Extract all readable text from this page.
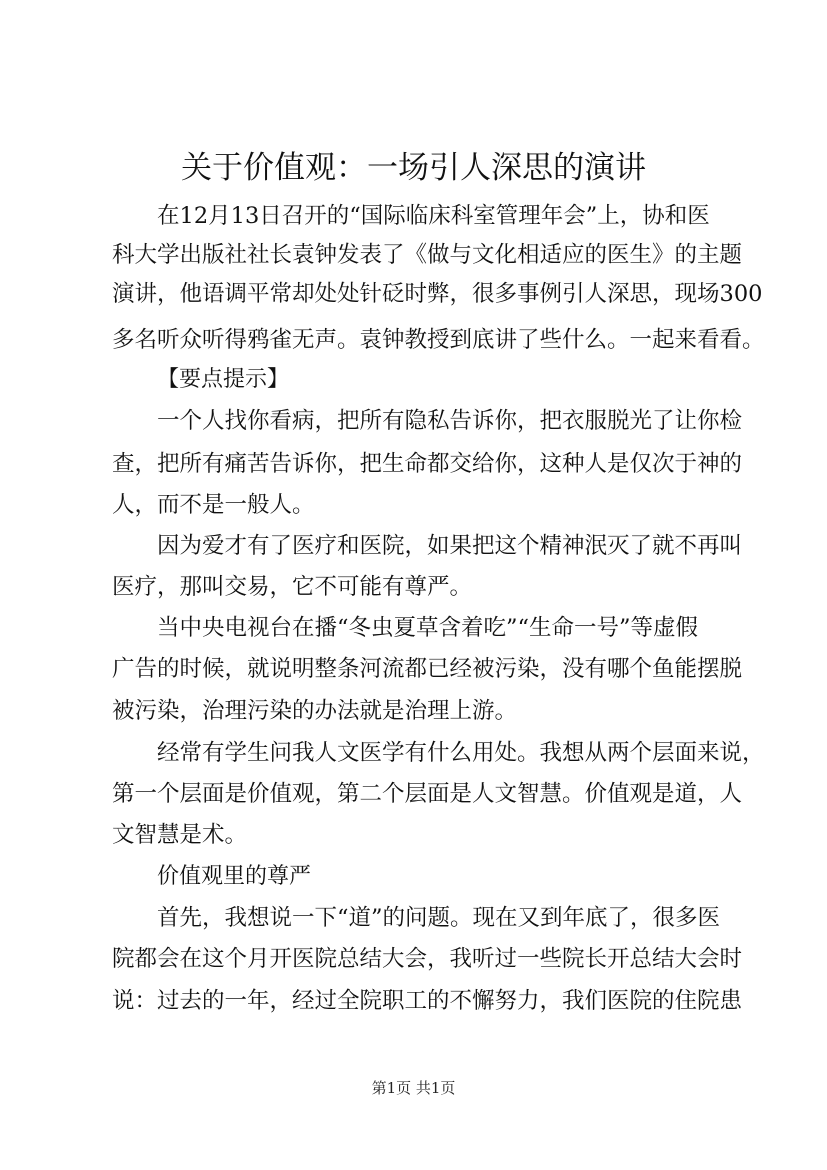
关于价值观：一场引人深思的演讲

在12月13日召开的“国际临床科室管理年会”上，协和医

科大学出版社社长袁钟发表了《做与文化相适应的医生》的主题

演讲，他语调平常却处处针砭时弊，很多事例引人深思，现场300

多名听众听得鸦雀无声。袁钟教授到底讲了些什么。一起来看看。

【要点提示】

一个人找你看病，把所有隐私告诉你，把衣服脱光了让你检

查，把所有痛苦告诉你，把生命都交给你，这种人是仅次于神的

人，而不是一般人。

因为爱才有了医疗和医院，如果把这个精神泯灭了就不再叫

医疗，那叫交易，它不可能有尊严。

当中央电视台在播“冬虫夏草含着吃”“生命一号”等虚假

广告的时候，就说明整条河流都已经被污染，没有哪个鱼能摆脱

被污染，治理污染的办法就是治理上游。

经常有学生问我人文医学有什么用处。我想从两个层面来说，

第一个层面是价值观，第二个层面是人文智慧。价值观是道，人

文智慧是术。

价值观里的尊严

首先，我想说一下“道”的问题。现在又到年底了，很多医

院都会在这个月开医院总结大会，我听过一些院长开总结大会时

说：过去的一年，经过全院职工的不懈努力，我们医院的住院患

第1页 共1页
